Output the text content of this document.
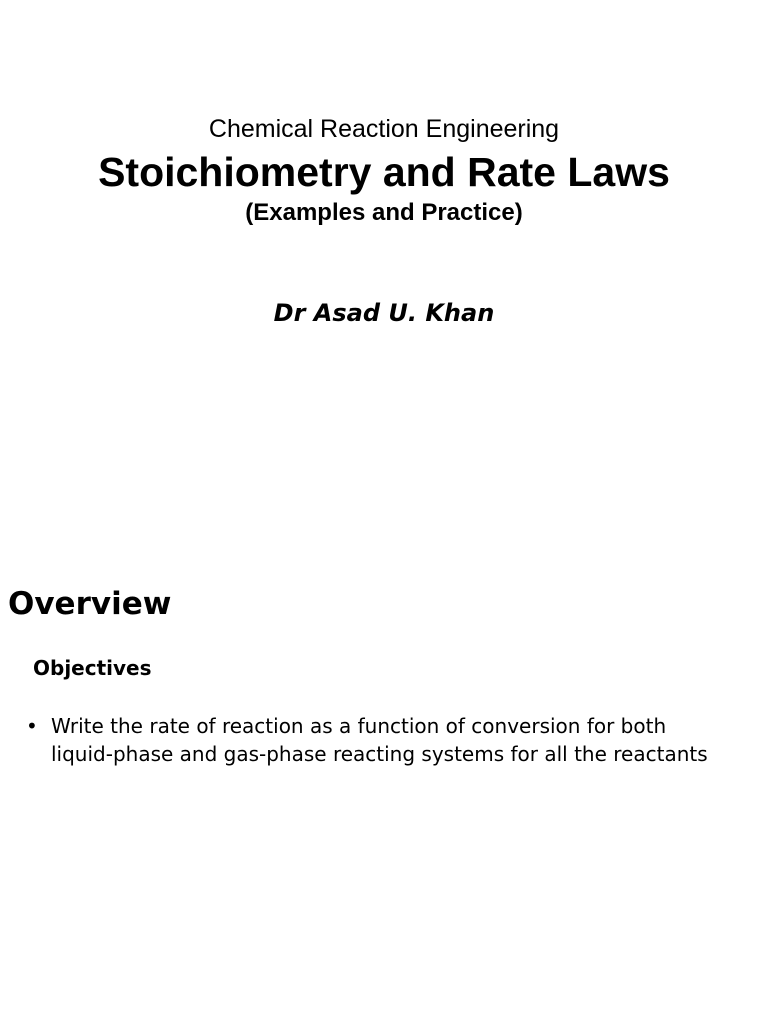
Chemical Reaction Engineering
Stoichiometry and Rate Laws
(Examples and Practice)
Dr Asad U. Khan
Overview
Objectives
• Write the rate of reaction as a function of conversion for both liquid-phase and gas-phase reacting systems for all the reactants
